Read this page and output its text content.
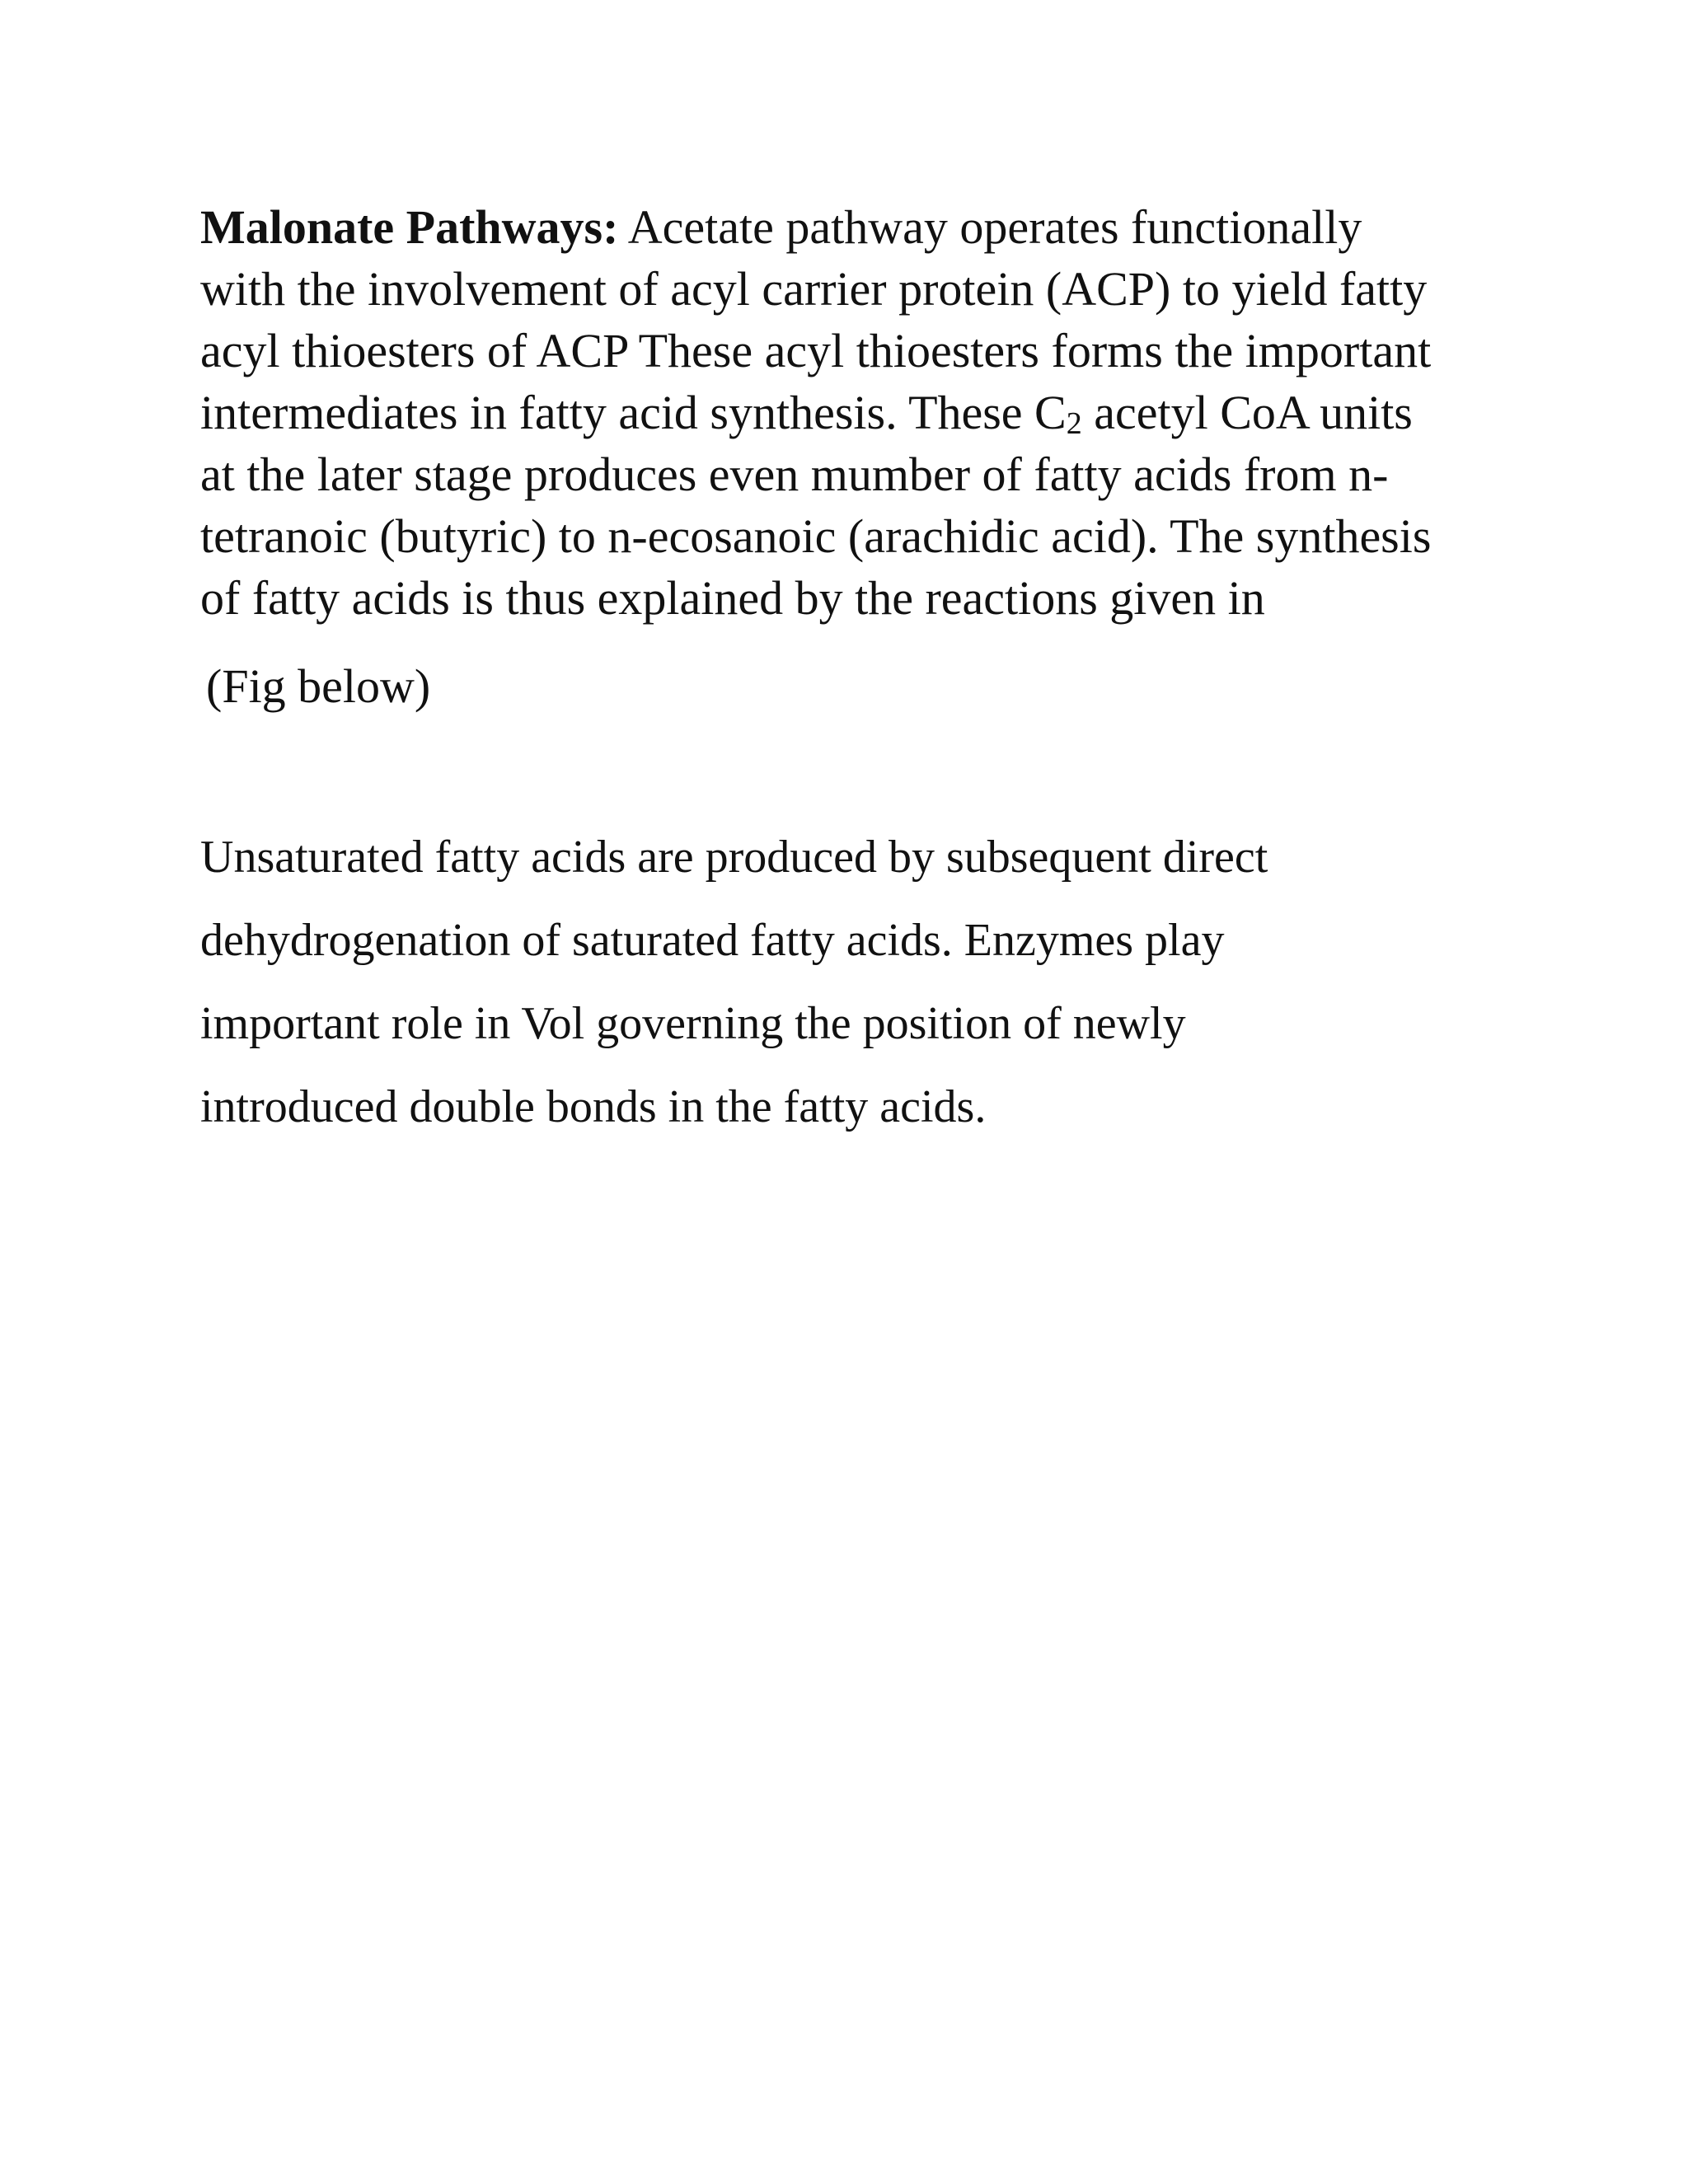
Malonate Pathways: Acetate pathway operates functionally
with the involvement of acyl carrier protein (ACP) to yield fatty
acyl thioesters of ACP These acyl thioesters forms the important
intermediates in fatty acid synthesis. These C2 acetyl CoA units
at the later stage produces even mumber of fatty acids from n-
tetranoic (butyric) to n-ecosanoic (arachidic acid). The synthesis
of fatty acids is thus explained by the reactions given in

(Fig below)

Unsaturated fatty acids are produced by subsequent direct
dehydrogenation of saturated fatty acids. Enzymes play
important role in Vol governing the position of newly
introduced double bonds in the fatty acids.
